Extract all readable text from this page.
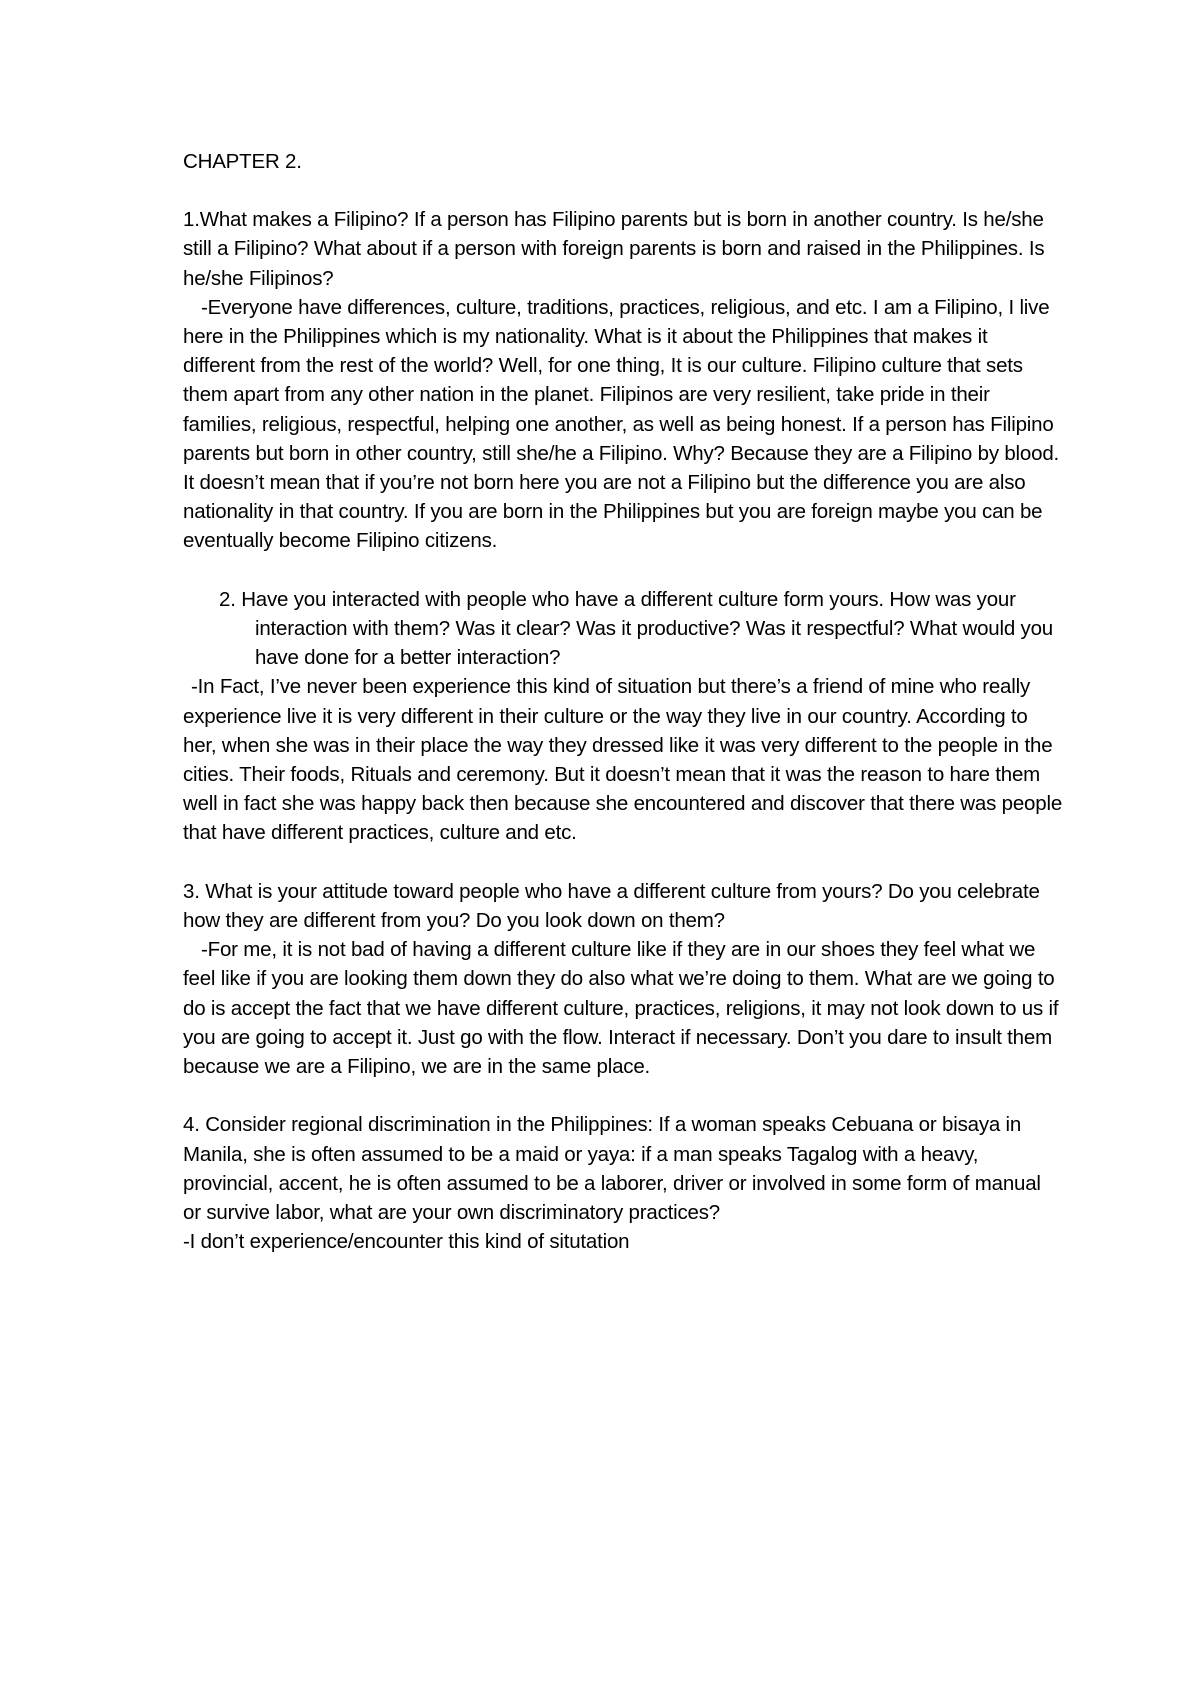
CHAPTER 2.

1.What makes a Filipino? If a person has Filipino parents but is born in another country. Is he/she still a Filipino? What about if a person with foreign parents is born and raised in the Philippines. Is he/she Filipinos?

-Everyone have differences, culture, traditions, practices, religious, and etc. I am a Filipino, I live here in the Philippines which is my nationality. What is it about the Philippines that makes it different from the rest of the world? Well, for one thing, It is our culture. Filipino culture that sets them apart from any other nation in the planet. Filipinos are very resilient, take pride in their families, religious, respectful, helping one another, as well as being honest. If a person has Filipino parents but born in other country, still she/he a Filipino. Why? Because they are a Filipino by blood. It doesn’t mean that if you’re not born here you are not a Filipino but the difference you are also nationality in that country. If you are born in the Philippines but you are foreign maybe you can be eventually become Filipino citizens.

2. Have you interacted with people who have a different culture form yours. How was your interaction with them? Was it clear? Was it productive? Was it respectful? What would you have done for a better interaction?

-In Fact, I’ve never been experience this kind of situation but there’s a friend of mine who really experience live it is very different in their culture or the way they live in our country. According to her, when she was in their place the way they dressed like it was very different to the people in the cities. Their foods, Rituals and ceremony. But it doesn’t mean that it was the reason to hare them well in fact she was happy back then because she encountered and discover that there was people that have different practices, culture and etc.

3. What is your attitude toward people who have a different culture from yours? Do you celebrate how they are different from you? Do you look down on them?

-For me, it is not bad of having a different culture like if they are in our shoes they feel what we feel like if you are looking them down they do also what we’re doing to them. What are we going to do is accept the fact that we have different culture, practices, religions, it may not look down to us if you are going to accept it. Just go with the flow. Interact if necessary. Don’t you dare to insult them because we are a Filipino, we are in the same place.

4. Consider regional discrimination in the Philippines: If a woman speaks Cebuana or bisaya in Manila, she is often assumed to be a maid or yaya: if a man speaks Tagalog with a heavy, provincial, accent, he is often assumed to be a laborer, driver or involved in some form of manual or survive labor, what are your own discriminatory practices?

-I don’t experience/encounter this kind of situtation
